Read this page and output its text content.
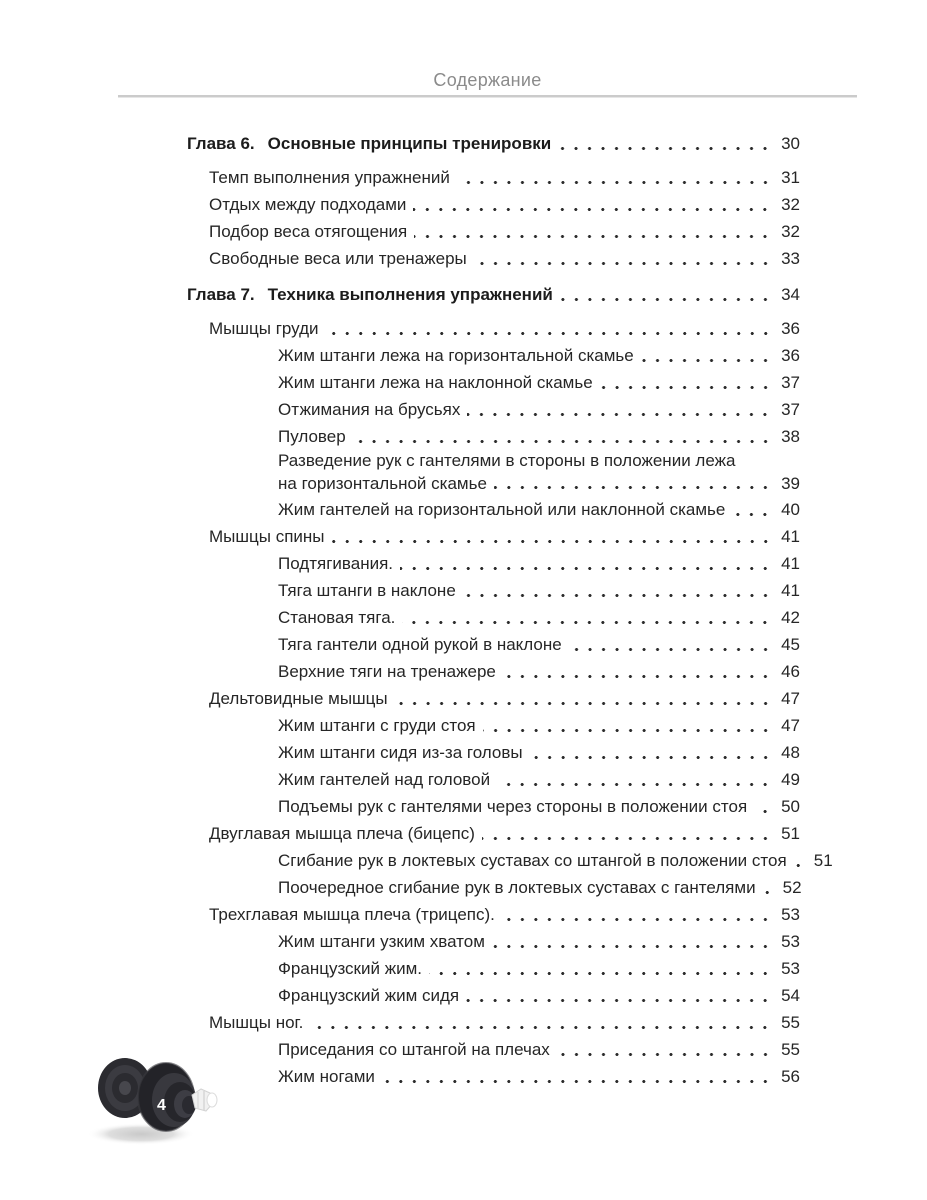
Содержание
Глава 6. Основные принципы тренировки	30
Темп выполнения упражнений	31
Отдых между подходами	32
Подбор веса отягощения	32
Свободные веса или тренажеры	33
Глава 7. Техника выполнения упражнений	34
Мышцы груди	36
Жим штанги лежа на горизонтальной скамье	36
Жим штанги лежа на наклонной скамье	37
Отжимания на брусьях	37
Пуловер	38
Разведение рук с гантелями в стороны в положении лежа
на горизонтальной скамье	39
Жим гантелей на горизонтальной или наклонной скамье	40
Мышцы спины	41
Подтягивания.	41
Тяга штанги в наклоне	41
Становая тяга.	42
Тяга гантели одной рукой в наклоне	45
Верхние тяги на тренажере	46
Дельтовидные мышцы	47
Жим штанги с груди стоя	47
Жим штанги сидя из-за головы	48
Жим гантелей над головой	49
Подъемы рук с гантелями через стороны в положении стоя	50
Двуглавая мышца плеча (бицепс)	51
Сгибание рук в локтевых суставах со штангой в положении стоя	51
Поочередное сгибание рук в локтевых суставах с гантелями	52
Трехглавая мышца плеча (трицепс).	53
Жим штанги узким хватом	53
Французский жим.	53
Французский жим сидя	54
Мышцы ног.	55
Приседания со штангой на плечах	55
Жим ногами	56
4
